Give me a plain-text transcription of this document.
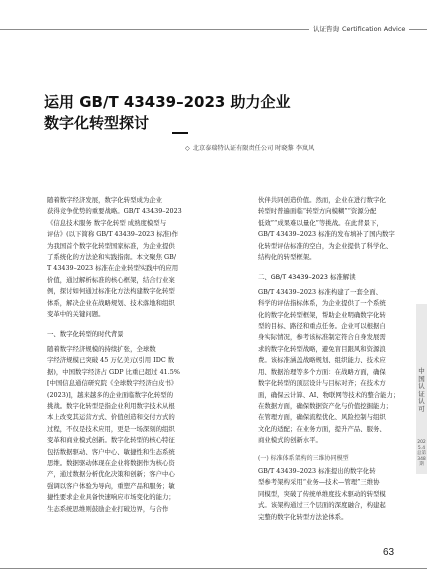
认证咨询 Certification Advice
运用 GB/T 43439–2023 助力企业
数字化转型探讨
◇ 北京泰瑞特认证有限责任公司 时晓黎 李岚风

随着数字经济发展，数字化转型成为企业
获得竞争优势的重要战略。GB/T 43439–2023
《信息技术服务 数字化转型 成熟度模型与
评估》(以下简称 GB/T 43439–2023 标准)作
为我国首个数字化转型国家标准，为企业提供
了系统化的方法论和实践指南。本文聚焦 GB/
T 43439–2023 标准在企业转型实践中的应用
价值，通过解析标准的核心框架，结合行业案
例，探讨如何通过标准化方法构建数字化转型
体系，解决企业在战略规划、技术落地和组织
变革中的关键问题。

一、数字化转型的时代背景

随着数字经济规模的持续扩张，全球数
字经济规模已突破 45 万亿美元(引用 IDC 数
据)，中国数字经济占 GDP 比重已超过 41.5%
[中国信息通信研究院《全球数字经济白皮书》
(2023)]，越来越多的企业面临数字化转型的
挑战。数字化转型是指企业利用数字技术从根
本上改变其运营方式、价值创造和交付方式的
过程，不仅是技术应用，更是一场深刻的组织
变革和商业模式创新。数字化转型的核心特征
包括数据驱动、客户中心、敏捷性和生态系统
思维。数据驱动体现在企业将数据作为核心资
产，通过数据分析优化决策和创新；客户中心
强调以客户体验为导向，重塑产品和服务；敏
捷性要求企业具备快速响应市场变化的能力；
生态系统思维则鼓励企业打破边界，与合作

伙伴共同创造价值。然而，企业在进行数字化
转型时普遍面临“转型方向模糊”“资源分配
低效”“成果难以量化”等挑战。在此背景下，
GB/T 43439–2023 标准的发布填补了国内数字
化转型评估标准的空白，为企业提供了科学化、
结构化的转型框架。

二、GB/T 43439–2023 标准解读

GB/T 43439–2023 标准构建了一套全面、
科学的评估指标体系，为企业提供了一个系统
化的数字化转型框架，帮助企业明确数字化转
型的目标、路径和重点任务。企业可以根据自
身实际情况，参考该标准制定符合自身发展需
求的数字化转型战略，避免盲目跟风和资源浪
费。该标准涵盖战略规划、组织能力、技术应
用、数据治理等多个方面：在战略方面，确保
数字化转型的顶层设计与目标对齐；在技术方
面，确保云计算、AI、物联网等技术的整合能力；
在数据方面，确保数据资产化与价值挖掘能力；
在管理方面，确保流程优化、风险控制与组织
文化的适配；在业务方面，提升产品、服务、
商业模式的创新水平。

(一) 标准体系架构的三维协同模型

GB/T 43439–2023 标准提出的数字化转
型参考架构采用“业务—技术—管理”三维协
同模型，突破了传统单维度技术驱动的转型模
式。该架构通过三个层面的深度融合，构建起
完整的数字化转型方法论体系。

中国认证认可
2025.4 总第 348 期
63
